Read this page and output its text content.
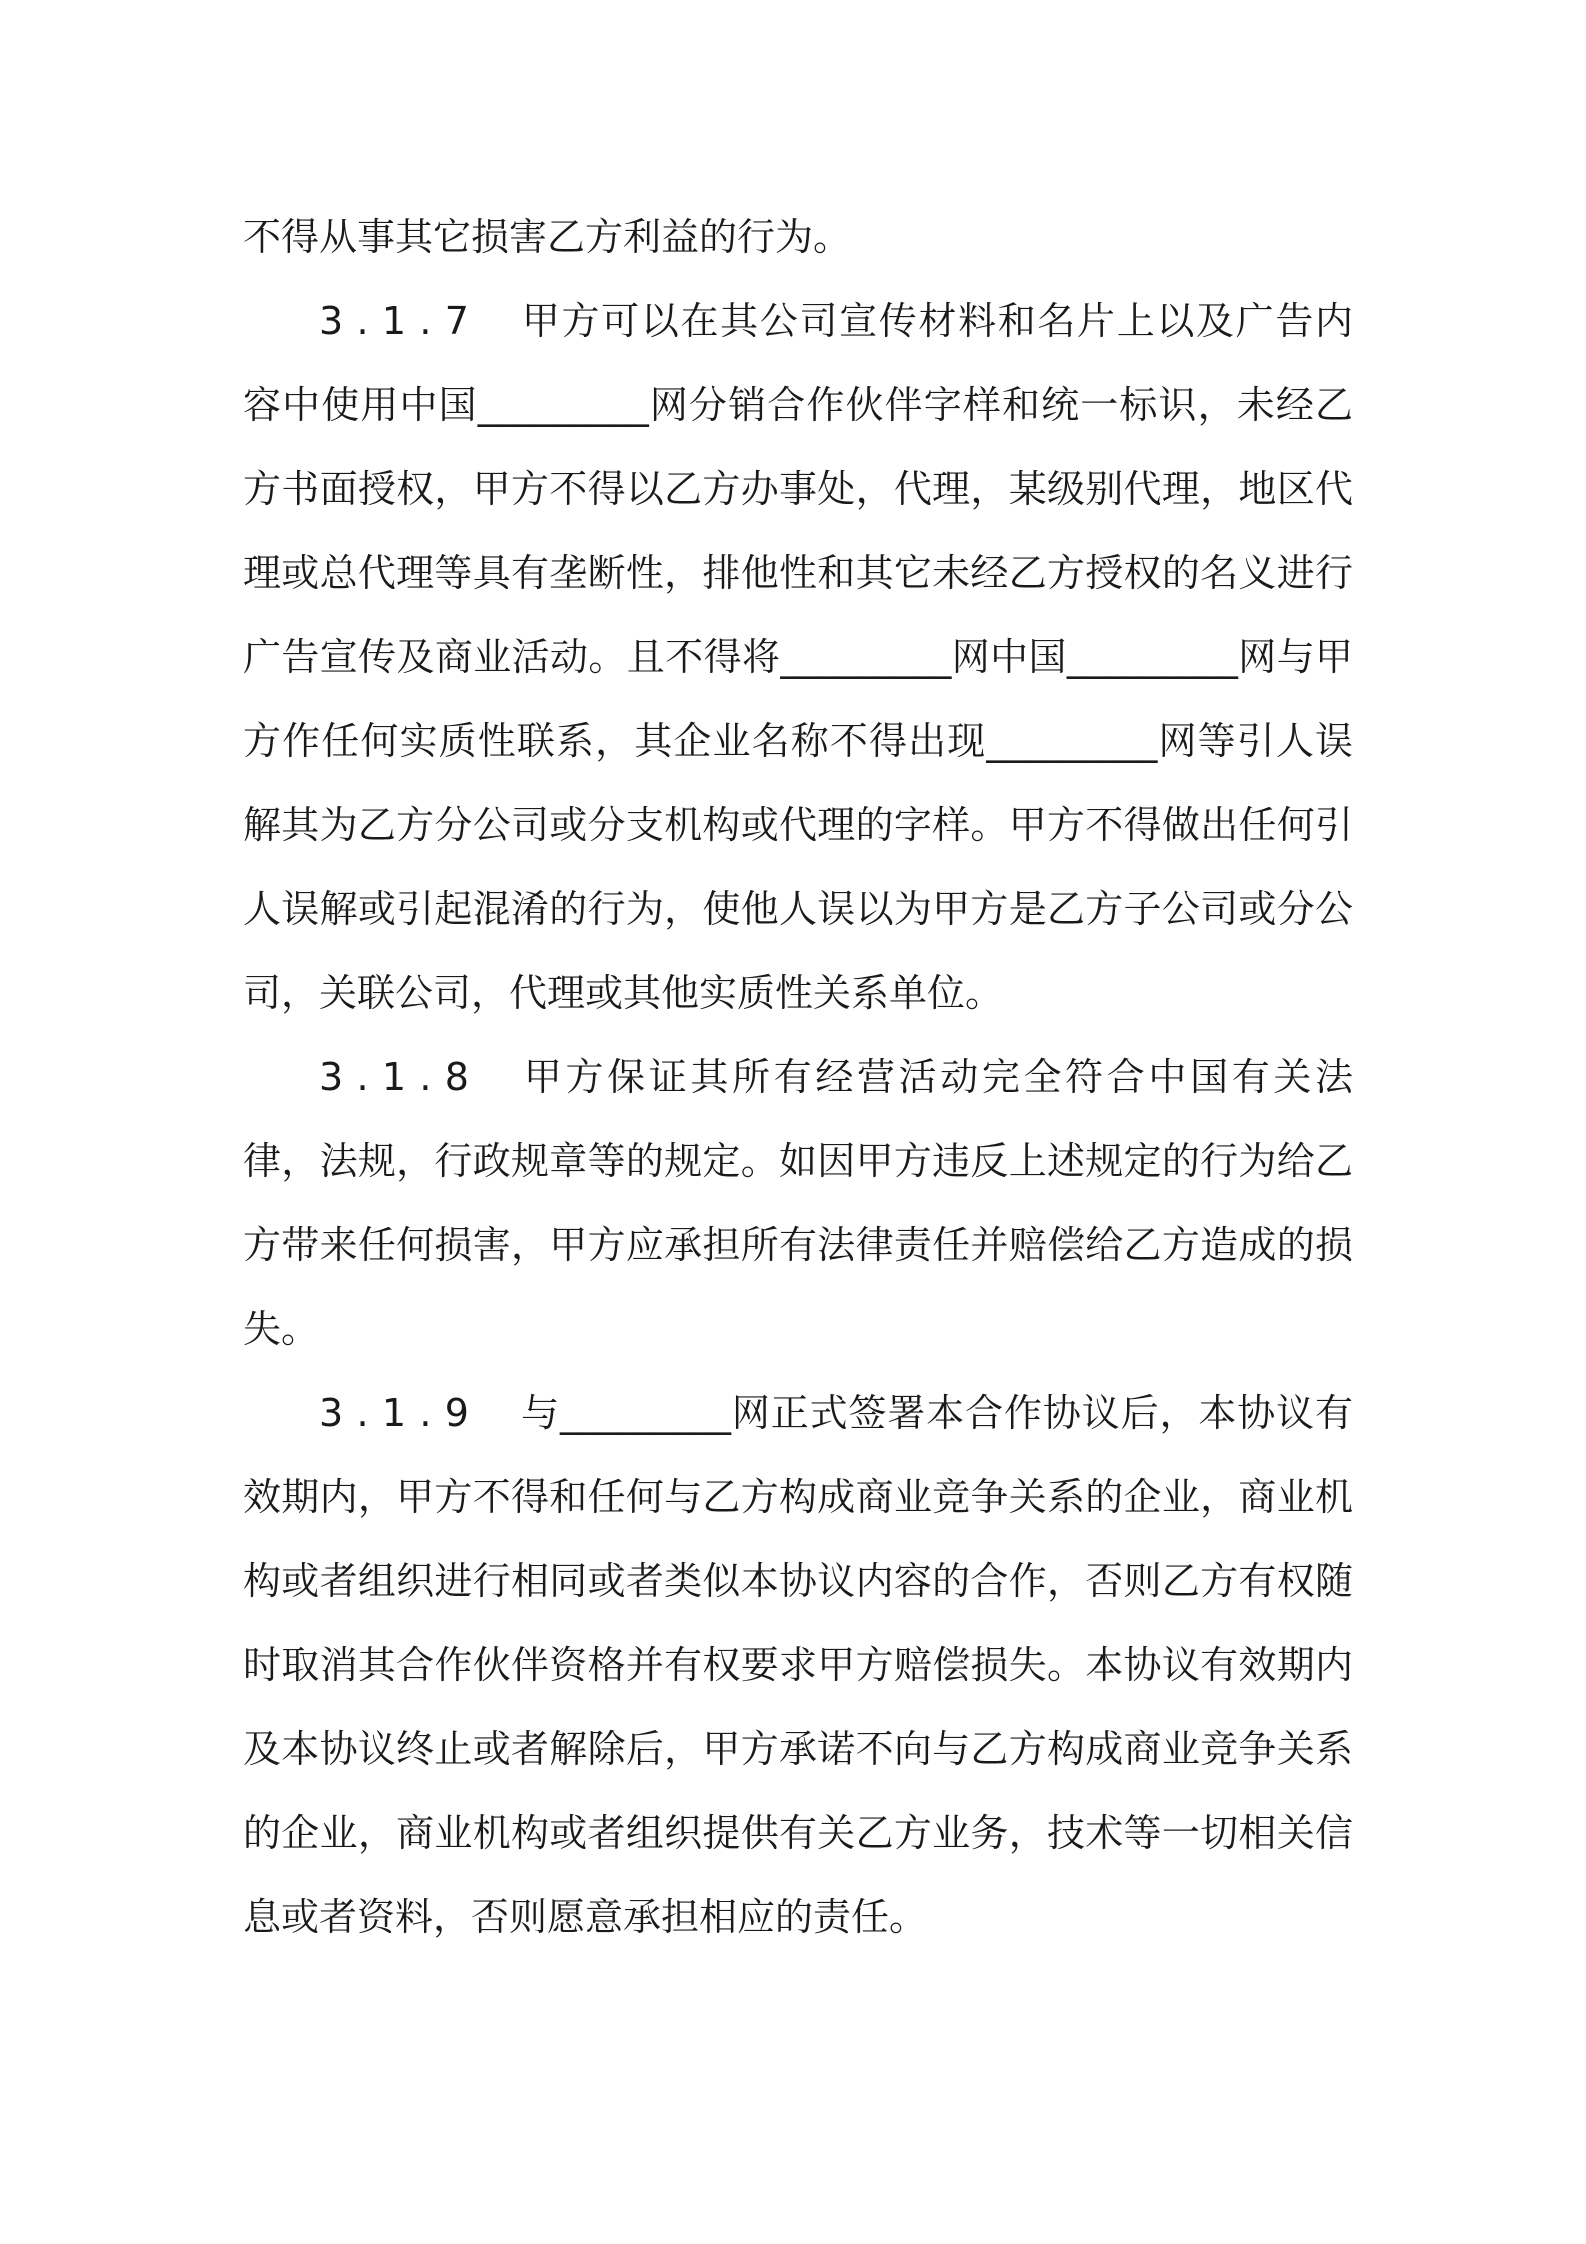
不得从事其它损害乙方利益的行为。

3.1.7 甲方可以在其公司宣传材料和名片上以及广告内容中使用中国_________网分销合作伙伴字样和统一标识，未经乙方书面授权，甲方不得以乙方办事处，代理，某级别代理，地区代理或总代理等具有垄断性，排他性和其它未经乙方授权的名义进行广告宣传及商业活动。且不得将_________网中国_________网与甲方作任何实质性联系，其企业名称不得出现_________网等引人误解其为乙方分公司或分支机构或代理的字样。甲方不得做出任何引人误解或引起混淆的行为，使他人误以为甲方是乙方子公司或分公司，关联公司，代理或其他实质性关系单位。

3.1.8 甲方保证其所有经营活动完全符合中国有关法律，法规，行政规章等的规定。如因甲方违反上述规定的行为给乙方带来任何损害，甲方应承担所有法律责任并赔偿给乙方造成的损失。

3.1.9 与_________网正式签署本合作协议后，本协议有效期内，甲方不得和任何与乙方构成商业竞争关系的企业，商业机构或者组织进行相同或者类似本协议内容的合作，否则乙方有权随时取消其合作伙伴资格并有权要求甲方赔偿损失。本协议有效期内及本协议终止或者解除后，甲方承诺不向与乙方构成商业竞争关系的企业，商业机构或者组织提供有关乙方业务，技术等一切相关信息或者资料，否则愿意承担相应的责任。
